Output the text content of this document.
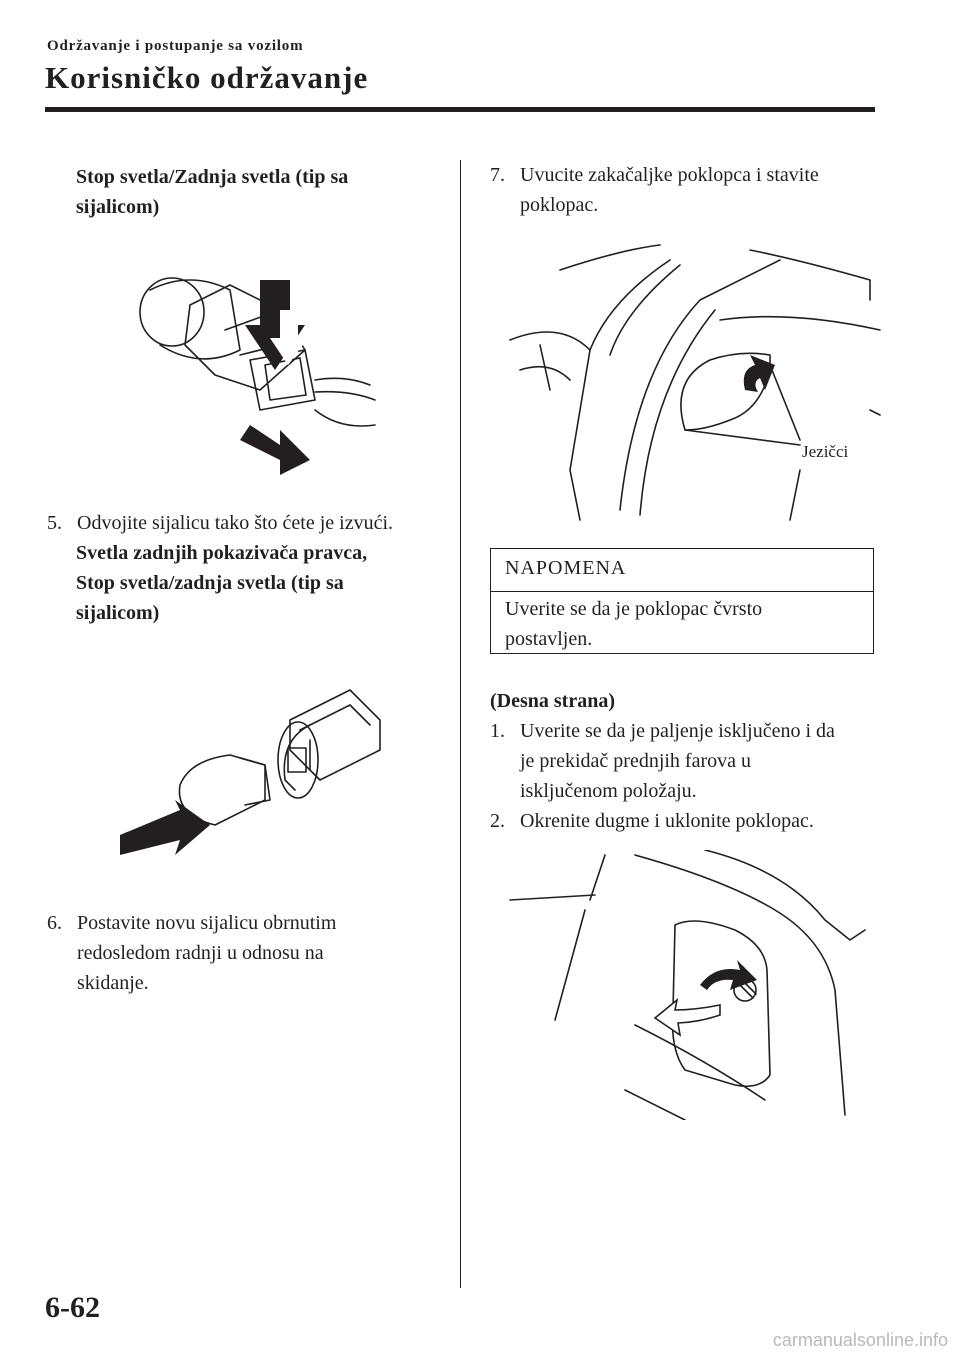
Održavanje i postupanje sa vozilom
Korisničko održavanje
Stop svetla/Zadnja svetla (tip sa
sijalicom)
5. Odvojite sijalicu tako što ćete je izvući.
Svetla zadnjih pokazivača pravca,
Stop svetla/zadnja svetla (tip sa
sijalicom)
6. Postavite novu sijalicu obrnutim
redosledom radnji u odnosu na
skidanje.
7. Uvucite zakačaljke poklopca i stavite
poklopac.
Jezičci
NAPOMENA
Uverite se da je poklopac čvrsto
postavljen.
(Desna strana)
1. Uverite se da je paljenje isključeno i da
je prekidač prednjih farova u
isključenom položaju.
2. Okrenite dugme i uklonite poklopac.
6-62
carmanualsonline.info
